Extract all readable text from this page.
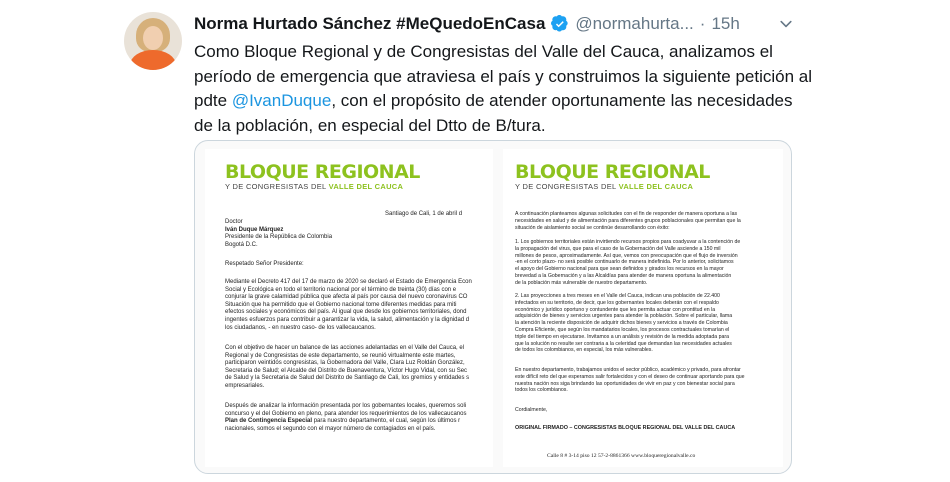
Norma Hurtado Sánchez #MeQuedoEnCasa @normahurta... · 15h
Como Bloque Regional y de Congresistas del Valle del Cauca, analizamos el período de emergencia que atraviesa el país y construimos la siguiente petición al pdte @IvanDuque, con el propósito de atender oportunamente las necesidades de la población, en especial del Dtto de B/tura.
BLOQUE REGIONAL
Y DE CONGRESISTAS DEL VALLE DEL CAUCA
Santiago de Cali, 1 de abril d
Doctor
Iván Duque Márquez
Presidente de la República de Colombia
Bogotá D.C.
Respetado Señor Presidente:
Mediante el Decreto 417 del 17 de marzo de 2020 se declaró el Estado de Emergencia Econ
Social y Ecológica en todo el territorio nacional por el término de treinta (30) días con e
conjurar la grave calamidad pública que afecta al país por causa del nuevo coronavirus CO
Situación que ha permitido que el Gobierno nacional tome diferentes medidas para miti
efectos sociales y económicos del país. Al igual que desde los gobiernos territoriales, dond
ingentes esfuerzos para contribuir a garantizar la vida, la salud, alimentación y la dignidad d
los ciudadanos, - en nuestro caso- de los vallecaucanos.
Con el objetivo de hacer un balance de las acciones adelantadas en el Valle del Cauca, el
Regional y de Congresistas de este departamento, se reunió virtualmente este martes,
participaron veintidós congresistas, la Gobernadora del Valle, Clara Luz Roldán González,
Secretaria de Salud; el Alcalde del Distrito de Buenaventura, Víctor Hugo Vidal, con su Sec
de Salud y la Secretaria de Salud del Distrito de Santiago de Cali, los gremios y entidades s
empresariales.
Después de analizar la información presentada por los gobernantes locales, queremos soli
concurso y el del Gobierno en pleno, para atender los requerimientos de los vallecaucanos
Plan de Contingencia Especial para nuestro departamento, el cual, según los últimos r
nacionales, somos el segundo con el mayor número de contagiados en el país.
BLOQUE REGIONAL
Y DE CONGRESISTAS DEL VALLE DEL CAUCA
A continuación planteamos algunas solicitudes con el fin de responder de manera oportuna a las
necesidades en salud y de alimentación para diferentes grupos poblacionales que permitan que la
situación de aislamiento social se continúe desarrollando con éxito:
1. Los gobiernos territoriales están invirtiendo recursos propios para coadyuvar a la contención de
la propagación del virus, que para el caso de la Gobernación del Valle asciende a 150 mil
millones de pesos, aproximadamente. Así que, vemos con preocupación que el flujo de inversión
-en el corto plazo- no será posible continuarlo de manera indefinida. Por lo anterior, solicitamos
el apoyo del Gobierno nacional para que sean definidos y girados los recursos en la mayor
brevedad a la Gobernación y a las Alcaldías para atender de manera oportuna la alimentación
de la población más vulnerable de nuestro departamento.
2. Las proyecciones a tres meses en el Valle del Cauca, indican una población de 22.400
infectados en su territorio, de decir, que los gobernantes locales deberán con el respaldo
económico y jurídico oportuno y contundente que les permita actuar con prontitud en la
adquisición de bienes y servicios urgentes para atender la población. Sobre el particular, llama
la atención la reciente disposición de adquirir dichos bienes y servicios a través de Colombia
Compra Eficiente, que según los mandatarios locales, los procesos contractuales tomarían el
triple del tiempo en ejecutarse. Invitamos a un análisis y revisión de la medida adoptada para
que la solución no resulte ser contraria a la celeridad que demandan las necesidades actuales
de todos los colombianos, en especial, los más vulnerables.
En nuestro departamento, trabajamos unidos el sector público, académico y privado, para afrontar
este difícil reto del que esperamos salir fortalecidos y con el deseo de continuar aportando para que
nuestra nación nos siga brindando las oportunidades de vivir en paz y con bienestar social para
todos los colombianos.
Cordialmente,
ORIGINAL FIRMADO – CONGRESISTAS BLOQUE REGIONAL DEL VALLE DEL CAUCA
Calle 8 # 3-14 piso 12 57-2-8861366 www.bloqueregionalvalle.co
